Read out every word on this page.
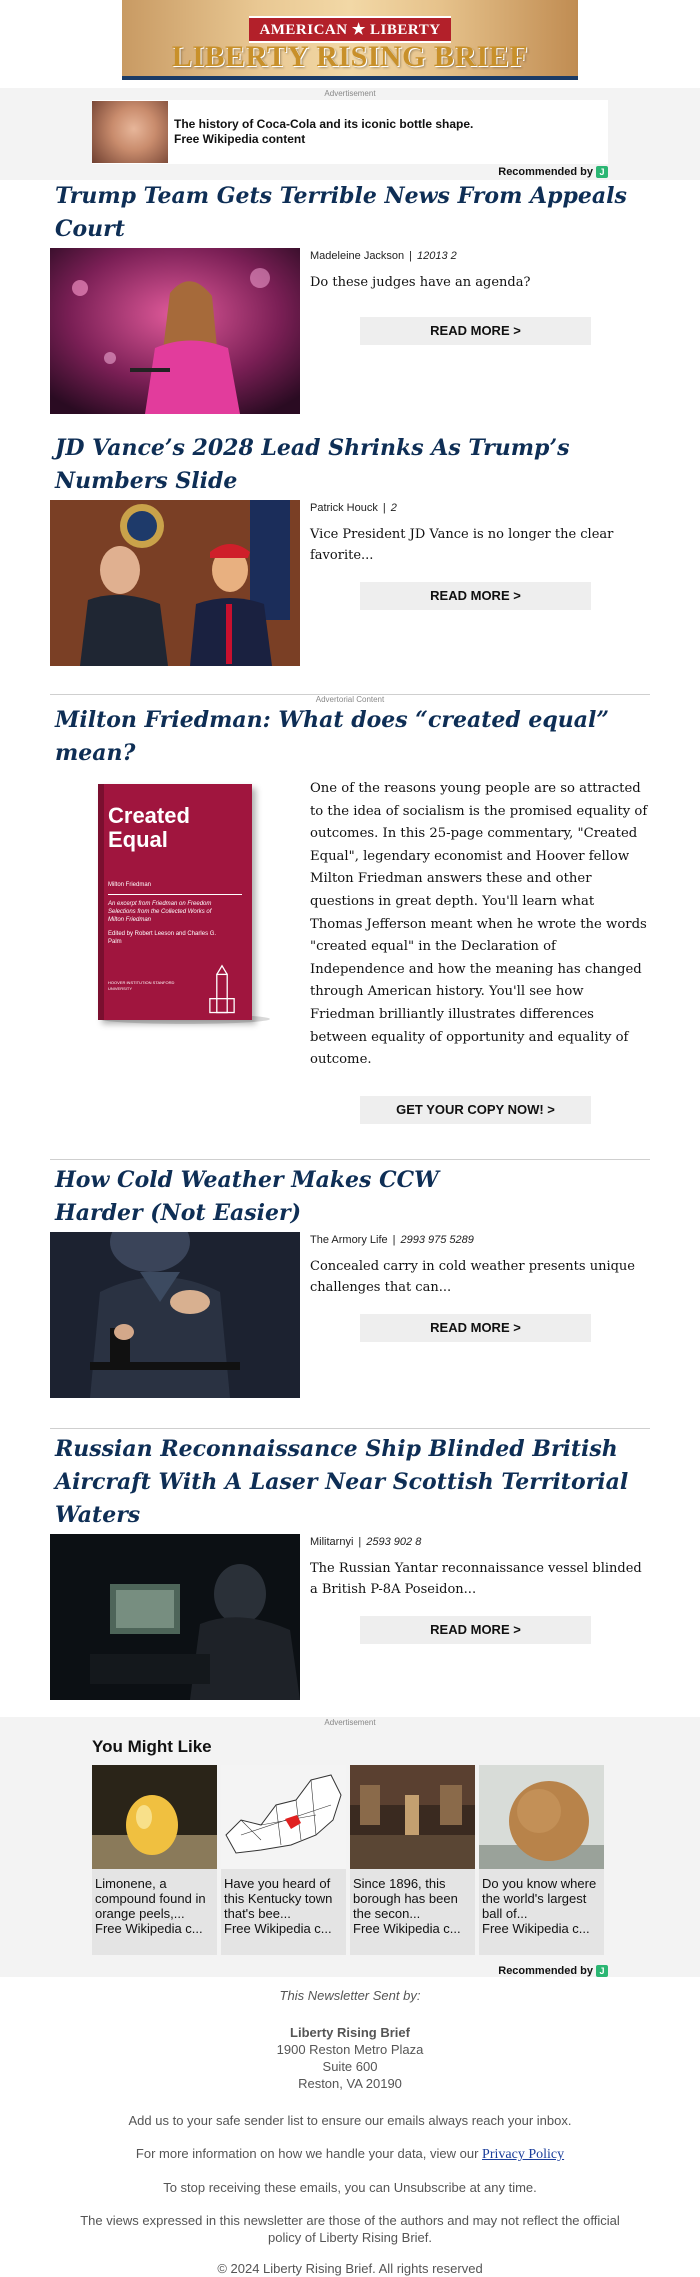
AMERICAN ★ LIBERTY
LIBERTY RISING BRIEF
Advertisement
The history of Coca-Cola and its iconic bottle shape.
Free Wikipedia content
Recommended by J
Trump Team Gets Terrible News From Appeals Court
Madeleine Jackson | 12013 2
Do these judges have an agenda?
READ MORE >
JD Vance’s 2028 Lead Shrinks As Trump’s Numbers Slide
Patrick Houck | 2
Vice President JD Vance is no longer the clear favorite...
READ MORE >
Advertorial Content
Milton Friedman: What does “created equal” mean?
Created Equal
Milton Friedman
An excerpt from Friedman on Freedom Selections from the Collected Works of Milton Friedman
Edited by Robert Leeson and Charles G. Palm
HOOVER INSTITUTION STANFORD UNIVERSITY
One of the reasons young people are so attracted to the idea of socialism is the promised equality of outcomes. In this 25-page commentary, "Created Equal", legendary economist and Hoover fellow Milton Friedman answers these and other questions in great depth. You'll learn what Thomas Jefferson meant when he wrote the words "created equal" in the Declaration of Independence and how the meaning has changed through American history. You'll see how Friedman brilliantly illustrates differences between equality of opportunity and equality of outcome.
GET YOUR COPY NOW! >
How Cold Weather Makes CCW Harder (Not Easier)
The Armory Life | 2993 975 5289
Concealed carry in cold weather presents unique challenges that can...
READ MORE >
Russian Reconnaissance Ship Blinded British Aircraft With A Laser Near Scottish Territorial Waters
Militarnyi | 2593 902 8
The Russian Yantar reconnaissance vessel blinded a British P-8A Poseidon...
READ MORE >
Advertisement
You Might Like
Limonene, a compound found in orange peels,...
Free Wikipedia c...
Have you heard of this Kentucky town that's bee...
Free Wikipedia c...
Since 1896, this borough has been the secon...
Free Wikipedia c...
Do you know where the world's largest ball of...
Free Wikipedia c...
Recommended by J

This Newsletter Sent by:

Liberty Rising Brief
1900 Reston Metro Plaza
Suite 600
Reston, VA 20190

Add us to your safe sender list to ensure our emails always reach your inbox.

For more information on how we handle your data, view our Privacy Policy

To stop receiving these emails, you can Unsubscribe at any time.

The views expressed in this newsletter are those of the authors and may not reflect the official policy of Liberty Rising Brief.

© 2024 Liberty Rising Brief. All rights reserved
